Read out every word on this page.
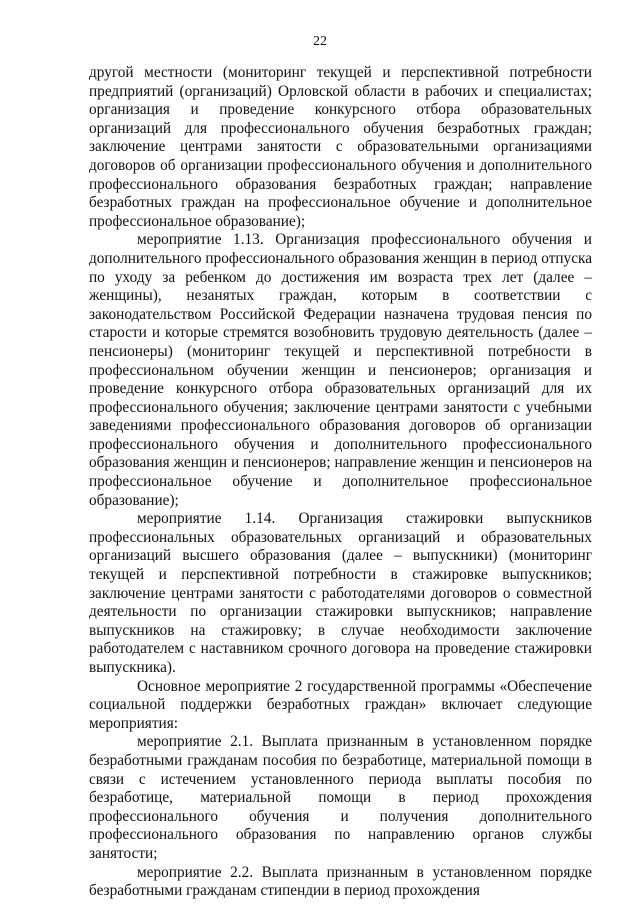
22

другой местности (мониторинг текущей и перспективной потребности предприятий (организаций) Орловской области в рабочих и специалистах; организация и проведение конкурсного отбора образовательных организаций для профессионального обучения безработных граждан; заключение центрами занятости с образовательными организациями договоров об организации профессионального обучения и дополнительного профессионального образования безработных граждан; направление безработных граждан на профессиональное обучение и дополнительное профессиональное образование);

мероприятие 1.13. Организация профессионального обучения и дополнительного профессионального образования женщин в период отпуска по уходу за ребенком до достижения им возраста трех лет (далее – женщины), незанятых граждан, которым в соответствии с законодательством Российской Федерации назначена трудовая пенсия по старости и которые стремятся возобновить трудовую деятельность (далее – пенсионеры) (мониторинг текущей и перспективной потребности в профессиональном обучении женщин и пенсионеров; организация и проведение конкурсного отбора образовательных организаций для их профессионального обучения; заключение центрами занятости с учебными заведениями профессионального образования договоров об организации профессионального обучения и дополнительного профессионального образования женщин и пенсионеров; направление женщин и пенсионеров на профессиональное обучение и дополнительное профессиональное образование);

мероприятие 1.14. Организация стажировки выпускников профессиональных образовательных организаций и образовательных организаций высшего образования (далее – выпускники) (мониторинг текущей и перспективной потребности в стажировке выпускников; заключение центрами занятости с работодателями договоров о совместной деятельности по организации стажировки выпускников; направление выпускников на стажировку; в случае необходимости заключение работодателем с наставником срочного договора на проведение стажировки выпускника).

Основное мероприятие 2 государственной программы «Обеспечение социальной поддержки безработных граждан» включает следующие мероприятия:

мероприятие 2.1. Выплата признанным в установленном порядке безработными гражданам пособия по безработице, материальной помощи в связи с истечением установленного периода выплаты пособия по безработице, материальной помощи в период прохождения профессионального обучения и получения дополнительного профессионального образования по направлению органов службы занятости;

мероприятие 2.2. Выплата признанным в установленном порядке безработными гражданам стипендии в период прохождения
